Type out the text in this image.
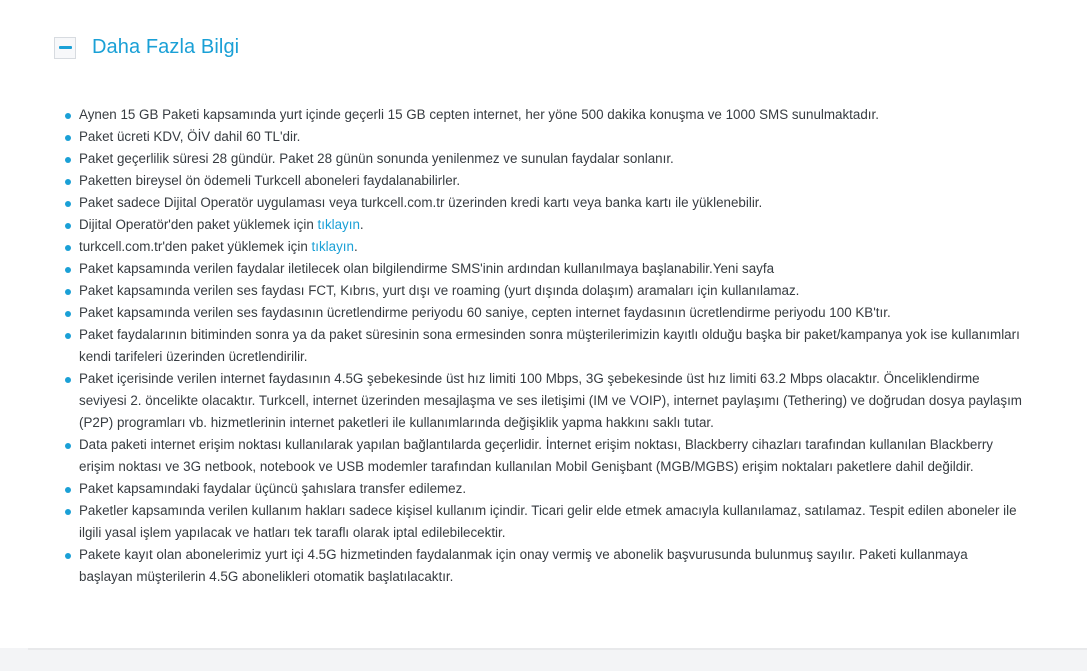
Daha Fazla Bilgi
Aynen 15 GB Paketi kapsamında yurt içinde geçerli 15 GB cepten internet, her yöne 500 dakika konuşma ve 1000 SMS sunulmaktadır.
Paket ücreti KDV, ÖİV dahil 60 TL'dir.
Paket geçerlilik süresi 28 gündür. Paket 28 günün sonunda yenilenmez ve sunulan faydalar sonlanır.
Paketten bireysel ön ödemeli Turkcell aboneleri faydalanabilirler.
Paket sadece Dijital Operatör uygulaması veya turkcell.com.tr üzerinden kredi kartı veya banka kartı ile yüklenebilir.
Dijital Operatör'den paket yüklemek için tıklayın.
turkcell.com.tr'den paket yüklemek için tıklayın.
Paket kapsamında verilen faydalar iletilecek olan bilgilendirme SMS'inin ardından kullanılmaya başlanabilir.Yeni sayfa
Paket kapsamında verilen ses faydası FCT, Kıbrıs, yurt dışı ve roaming (yurt dışında dolaşım) aramaları için kullanılamaz.
Paket kapsamında verilen ses faydasının ücretlendirme periyodu 60 saniye, cepten internet faydasının ücretlendirme periyodu 100 KB'tır.
Paket faydalarının bitiminden sonra ya da paket süresinin sona ermesinden sonra müşterilerimizin kayıtlı olduğu başka bir paket/kampanya yok ise kullanımları kendi tarifeleri üzerinden ücretlendirilir.
Paket içerisinde verilen internet faydasının 4.5G şebekesinde üst hız limiti 100 Mbps, 3G şebekesinde üst hız limiti 63.2 Mbps olacaktır. Önceliklendirme seviyesi 2. öncelikte olacaktır. Turkcell, internet üzerinden mesajlaşma ve ses iletişimi (IM ve VOIP), internet paylaşımı (Tethering) ve doğrudan dosya paylaşım (P2P) programları vb. hizmetlerinin internet paketleri ile kullanımlarında değişiklik yapma hakkını saklı tutar.
Data paketi internet erişim noktası kullanılarak yapılan bağlantılarda geçerlidir. İnternet erişim noktası, Blackberry cihazları tarafından kullanılan Blackberry erişim noktası ve 3G netbook, notebook ve USB modemler tarafından kullanılan Mobil Genişbant (MGB/MGBS) erişim noktaları paketlere dahil değildir.
Paket kapsamındaki faydalar üçüncü şahıslara transfer edilemez.
Paketler kapsamında verilen kullanım hakları sadece kişisel kullanım içindir. Ticari gelir elde etmek amacıyla kullanılamaz, satılamaz. Tespit edilen aboneler ile ilgili yasal işlem yapılacak ve hatları tek taraflı olarak iptal edilebilecektir.
Pakete kayıt olan abonelerimiz yurt içi 4.5G hizmetinden faydalanmak için onay vermiş ve abonelik başvurusunda bulunmuş sayılır. Paketi kullanmaya başlayan müşterilerin 4.5G abonelikleri otomatik başlatılacaktır.
